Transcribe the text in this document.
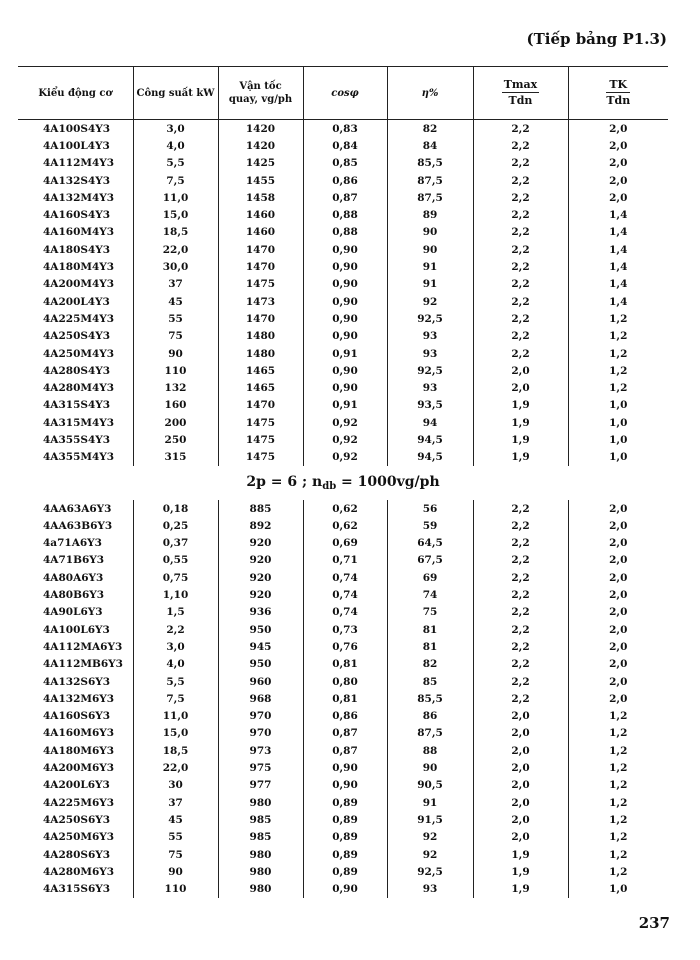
(Tiếp bảng P1.3)
Kiểu động cơ	Công suất kW	Vận tốc
quay, vg/ph	cosφ	η%	$\frac{Tmax}{\text{Tdn}}$	$\frac{TK}{\text{Tdn}}$

4A100S4Y3	3,0	1420	0,83	82	2,2	2,0
4A100L4Y3	4,0	1420	0,84	84	2,2	2,0
4A112M4Y3	5,5	1425	0,85	85,5	2,2	2,0
4A132S4Y3	7,5	1455	0,86	87,5	2,2	2,0
4A132M4Y3	11,0	1458	0,87	87,5	2,2	2,0
4A160S4Y3	15,0	1460	0,88	89	2,2	1,4
4A160M4Y3	18,5	1460	0,88	90	2,2	1,4
4A180S4Y3	22,0	1470	0,90	90	2,2	1,4
4A180M4Y3	30,0	1470	0,90	91	2,2	1,4
4A200M4Y3	37	1475	0,90	91	2,2	1,4
4A200L4Y3	45	1473	0,90	92	2,2	1,4
4A225M4Y3	55	1470	0,90	92,5	2,2	1,2
4A250S4Y3	75	1480	0,90	93	2,2	1,2
4A250M4Y3	90	1480	0,91	93	2,2	1,2
4A280S4Y3	110	1465	0,90	92,5	2,0	1,2
4A280M4Y3	132	1465	0,90	93	2,0	1,2
4A315S4Y3	160	1470	0,91	93,5	1,9	1,0
4A315M4Y3	200	1475	0,92	94	1,9	1,0
4A355S4Y3	250	1475	0,92	94,5	1,9	1,0
4A355M4Y3	315	1475	0,92	94,5	1,9	1,0
2p = 6 ; $n_{db} = 1000vg/ph$						
4AA63A6Y3	0,18	885	0,62	56	2,2	2,0
4AA63B6Y3	0,25	892	0,62	59	2,2	2,0
4a71A6Y3	0,37	920	0,69	64,5	2,2	2,0
4A71B6Y3	0,55	920	0,71	67,5	2,2	2,0
4A80A6Y3	0,75	920	0,74	69	2,2	2,0
4A80B6Y3	1,10	920	0,74	74	2,2	2,0
4A90L6Y3	1,5	936	0,74	75	2,2	2,0
4A100L6Y3	2,2	950	0,73	81	2,2	2,0
4A112MA6Y3	3,0	945	0,76	81	2,2	2,0
4A112MB6Y3	4,0	950	0,81	82	2,2	2,0
4A132S6Y3	5,5	960	0,80	85	2,2	2,0
4A132M6Y3	7,5	968	0,81	85,5	2,2	2,0
4A160S6Y3	11,0	970	0,86	86	2,0	1,2
4A160M6Y3	15,0	970	0,87	87,5	2,0	1,2
4A180M6Y3	18,5	973	0,87	88	2,0	1,2
4A200M6Y3	22,0	975	0,90	90	2,0	1,2
4A200L6Y3	30	977	0,90	90,5	2,0	1,2
4A225M6Y3	37	980	0,89	91	2,0	1,2
4A250S6Y3	45	985	0,89	91,5	2,0	1,2
4A250M6Y3	55	985	0,89	92	2,0	1,2
4A280S6Y3	75	980	0,89	92	1,9	1,2
4A280M6Y3	90	980	0,89	92,5	1,9	1,2
4A315S6Y3	110	980	0,90	93	1,9	1,0
237
